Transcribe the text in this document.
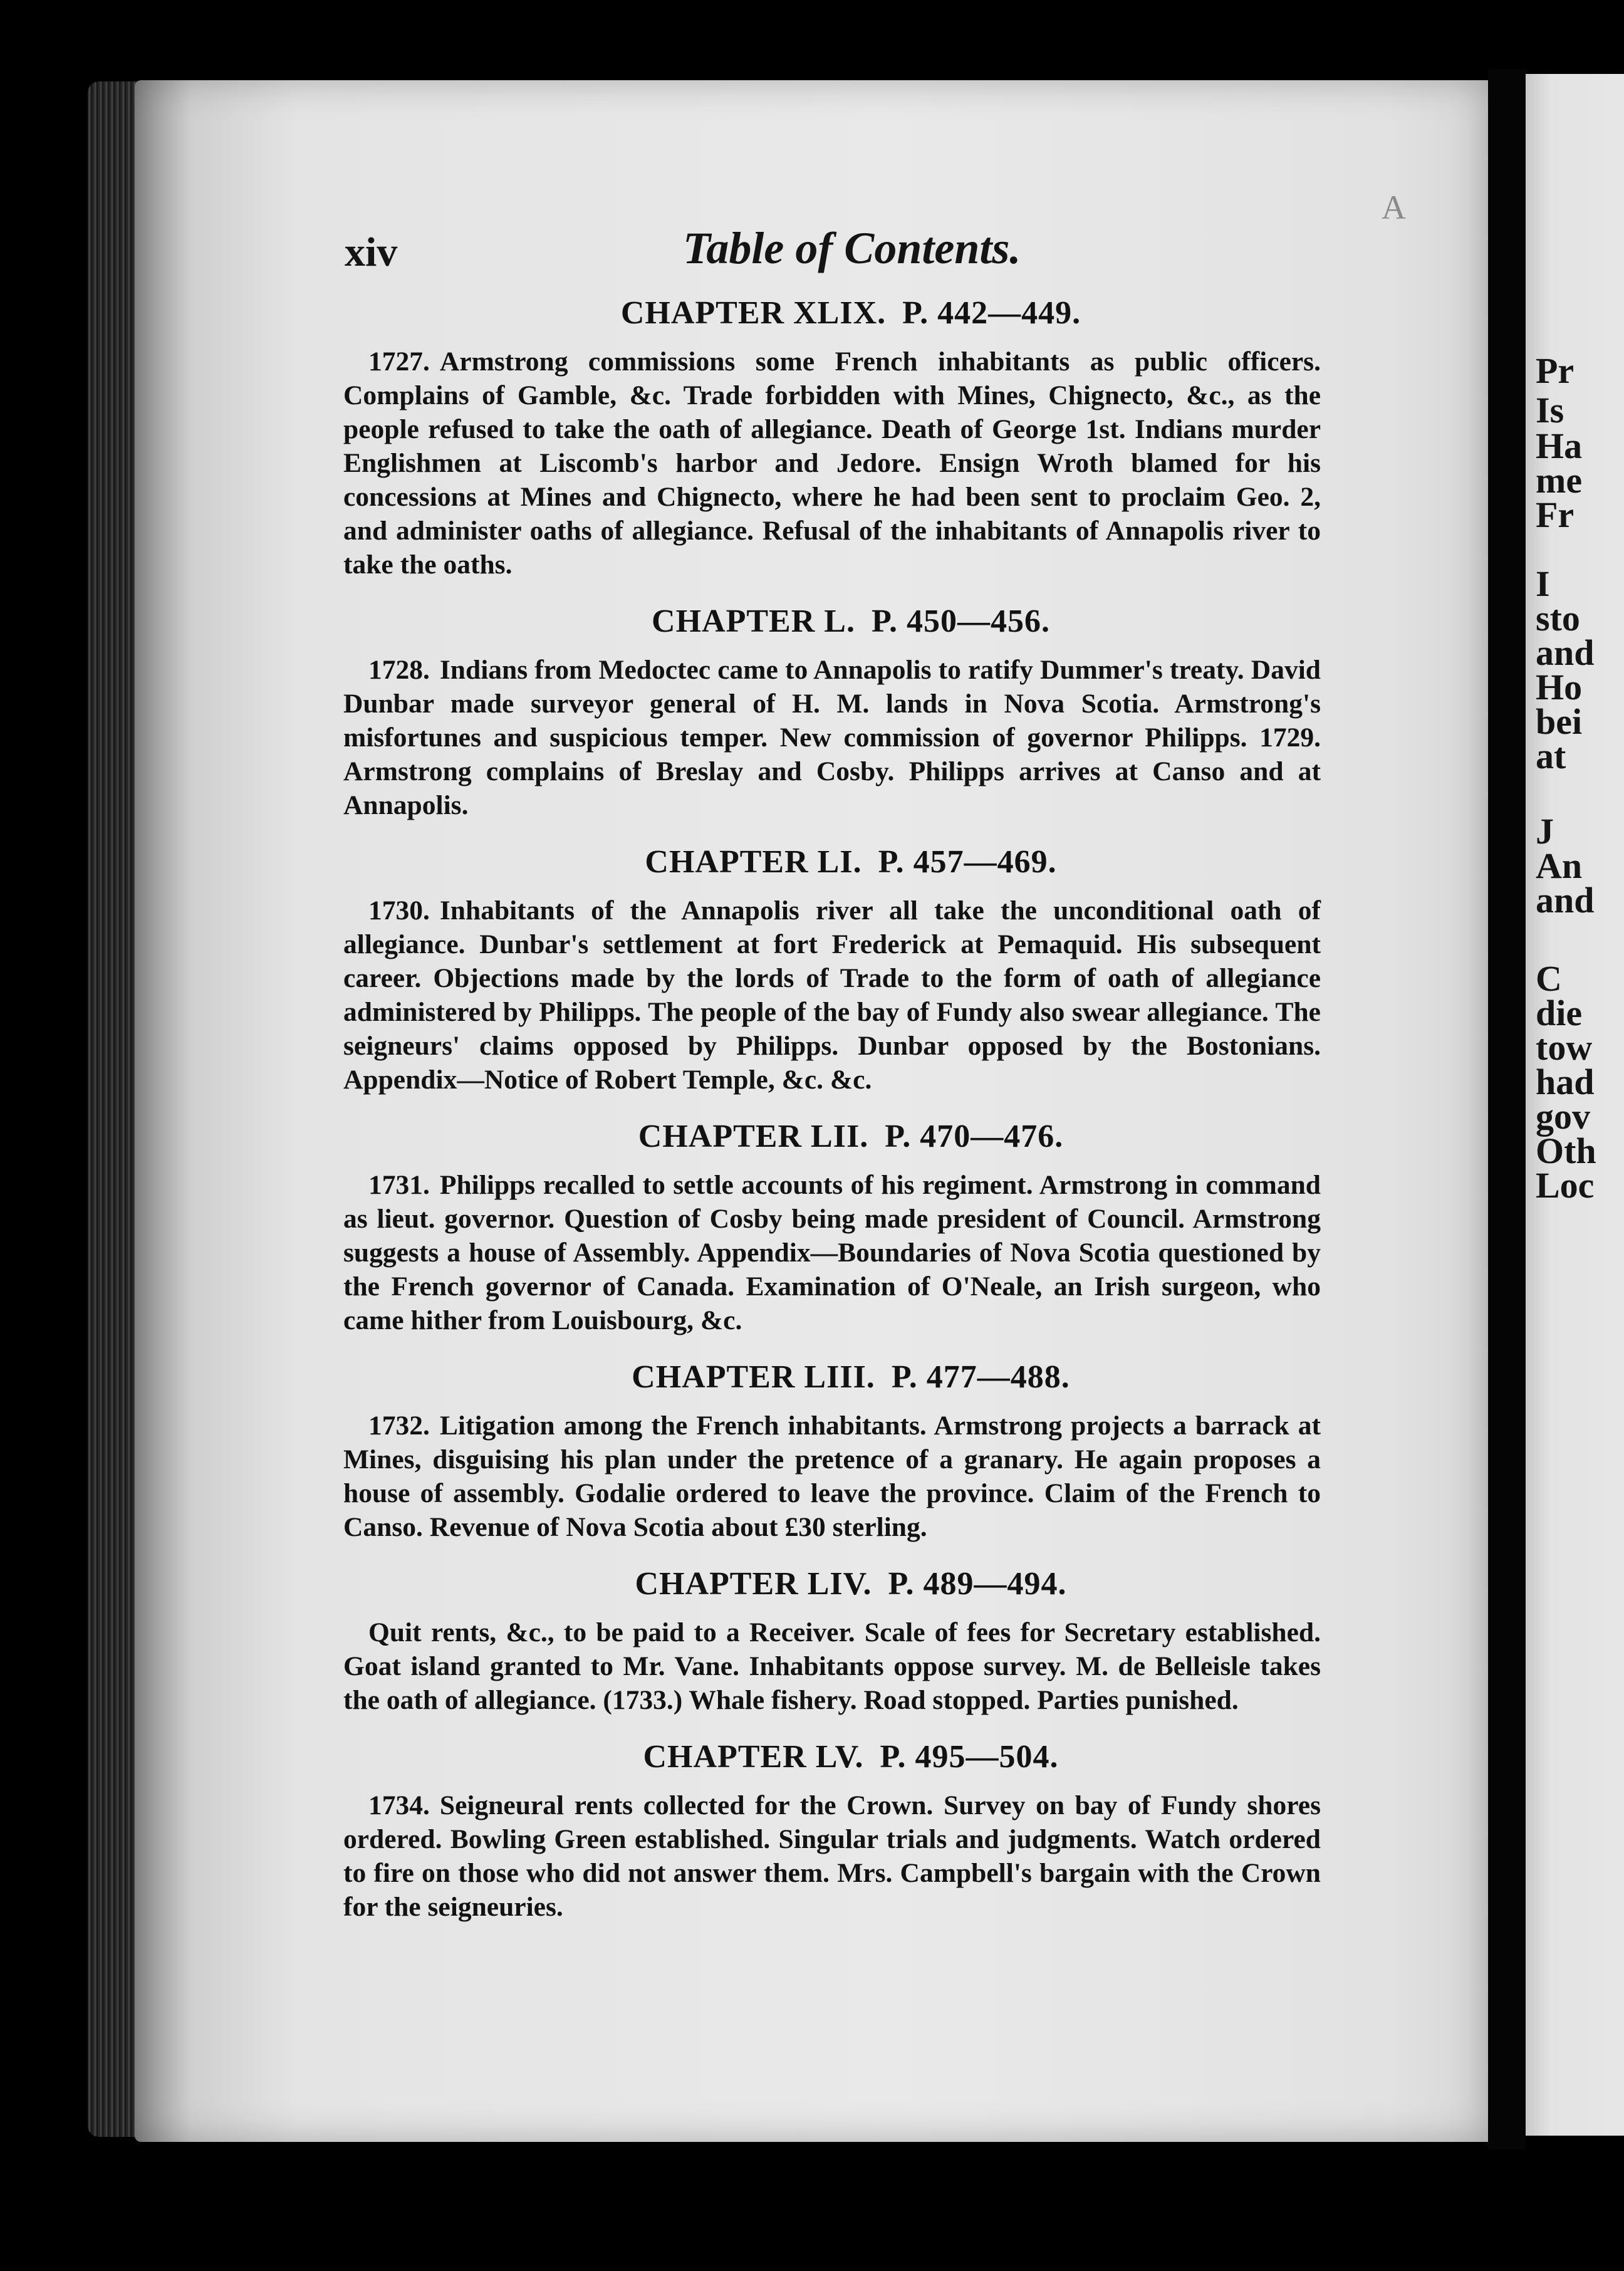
Pr
Is
Ha
me
Fr
I
sto
and
Ho
bei
at
J
An
and
C
die
tow
had
gov
Oth
Loc
A
xiv	Table of Contents.
CHAPTER XLIX. P. 442—449.
1727. Armstrong commissions some French inhabitants as public officers. Complains of Gamble, &c. Trade forbidden with Mines, Chignecto, &c., as the people refused to take the oath of allegiance. Death of George 1st. Indians murder Englishmen at Liscomb's harbor and Jedore. Ensign Wroth blamed for his concessions at Mines and Chignecto, where he had been sent to proclaim Geo. 2, and administer oaths of allegiance. Refusal of the inhabitants of Annapolis river to take the oaths.
CHAPTER L. P. 450—456.
1728. Indians from Medoctec came to Annapolis to ratify Dummer's treaty. David Dunbar made surveyor general of H. M. lands in Nova Scotia. Armstrong's misfortunes and suspicious temper. New commission of governor Philipps. 1729. Armstrong complains of Breslay and Cosby. Philipps arrives at Canso and at Annapolis.
CHAPTER LI. P. 457—469.
1730. Inhabitants of the Annapolis river all take the unconditional oath of allegiance. Dunbar's settlement at fort Frederick at Pemaquid. His subsequent career. Objections made by the lords of Trade to the form of oath of allegiance administered by Philipps. The people of the bay of Fundy also swear allegiance. The seigneurs' claims opposed by Philipps. Dunbar opposed by the Bostonians. Appendix—Notice of Robert Temple, &c. &c.
CHAPTER LII. P. 470—476.
1731. Philipps recalled to settle accounts of his regiment. Armstrong in command as lieut. governor. Question of Cosby being made president of Council. Armstrong suggests a house of Assembly. Appendix—Boundaries of Nova Scotia questioned by the French governor of Canada. Examination of O'Neale, an Irish surgeon, who came hither from Louisbourg, &c.
CHAPTER LIII. P. 477—488.
1732. Litigation among the French inhabitants. Armstrong projects a barrack at Mines, disguising his plan under the pretence of a granary. He again proposes a house of assembly. Godalie ordered to leave the province. Claim of the French to Canso. Revenue of Nova Scotia about £30 sterling.
CHAPTER LIV. P. 489—494.
Quit rents, &c., to be paid to a Receiver. Scale of fees for Secretary established. Goat island granted to Mr. Vane. Inhabitants oppose survey. M. de Belleisle takes the oath of allegiance. (1733.) Whale fishery. Road stopped. Parties punished.
CHAPTER LV. P. 495—504.
1734. Seigneural rents collected for the Crown. Survey on bay of Fundy shores ordered. Bowling Green established. Singular trials and judgments. Watch ordered to fire on those who did not answer them. Mrs. Campbell's bargain with the Crown for the seigneuries.
